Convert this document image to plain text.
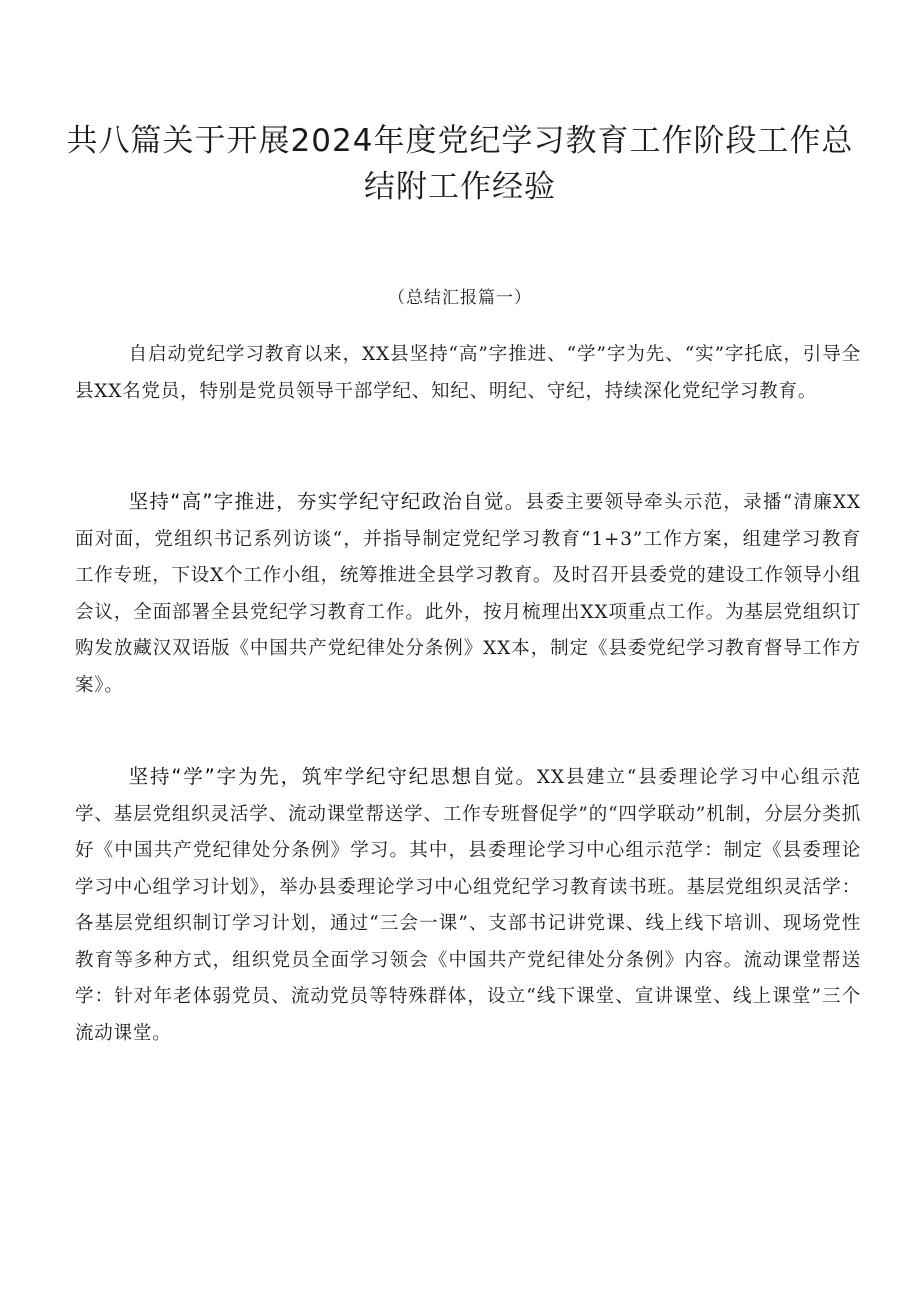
共八篇关于开展2024年度党纪学习教育工作阶段工作总结附工作经验
（总结汇报篇一）

自启动党纪学习教育以来，XX县坚持“高”字推进、“学”字为先、“实”字托底，引导全县XX名党员，特别是党员领导干部学纪、知纪、明纪、守纪，持续深化党纪学习教育。

坚持“高”字推进，夯实学纪守纪政治自觉。县委主要领导牵头示范，录播“清廉XX面对面，党组织书记系列访谈“，并指导制定党纪学习教育“1+3”工作方案，组建学习教育工作专班，下设X个工作小组，统筹推进全县学习教育。及时召开县委党的建设工作领导小组会议，全面部署全县党纪学习教育工作。此外，按月梳理出XX项重点工作。为基层党组织订购发放藏汉双语版《中国共产党纪律处分条例》XX本，制定《县委党纪学习教育督导工作方案》。

坚持“学”字为先，筑牢学纪守纪思想自觉。XX县建立“县委理论学习中心组示范学、基层党组织灵活学、流动课堂帮送学、工作专班督促学”的“四学联动”机制，分层分类抓好《中国共产党纪律处分条例》学习。其中，县委理论学习中心组示范学：制定《县委理论学习中心组学习计划》，举办县委理论学习中心组党纪学习教育读书班。基层党组织灵活学：各基层党组织制订学习计划，通过“三会一课”、支部书记讲党课、线上线下培训、现场党性教育等多种方式，组织党员全面学习领会《中国共产党纪律处分条例》内容。流动课堂帮送学：针对年老体弱党员、流动党员等特殊群体，设立“线下课堂、宣讲课堂、线上课堂”三个流动课堂。
